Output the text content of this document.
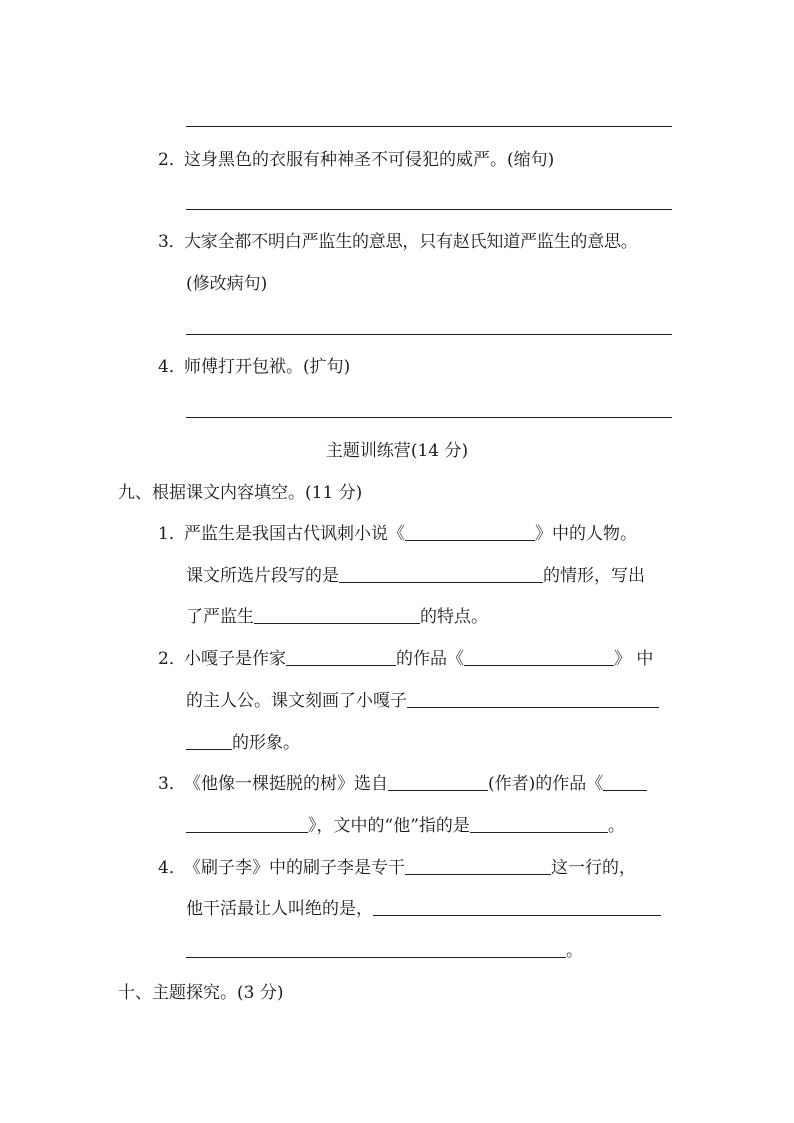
2．这身黑色的衣服有种神圣不可侵犯的威严。(缩句)
3．大家全都不明白严监生的意思，只有赵氏知道严监生的意思。
(修改病句)
4．师傅打开包袱。(扩句)
主题训练营(14 分)
九、根据课文内容填空。(11 分)
1．严监生是我国古代讽刺小说《	》中的人物。
课文所选片段写的是	的情形，写出
了严监生	的特点。
2．小嘎子是作家	的作品《	》 中
的主人公。课文刻画了小嘎子
的形象。
3．《他像一棵挺脱的树》选自	(作者)的作品《
》，文中的“他”指的是	。
4．《刷子李》中的刷子李是专干	这一行的，
他干活最让人叫绝的是，
。
十、主题探究。(3 分)
